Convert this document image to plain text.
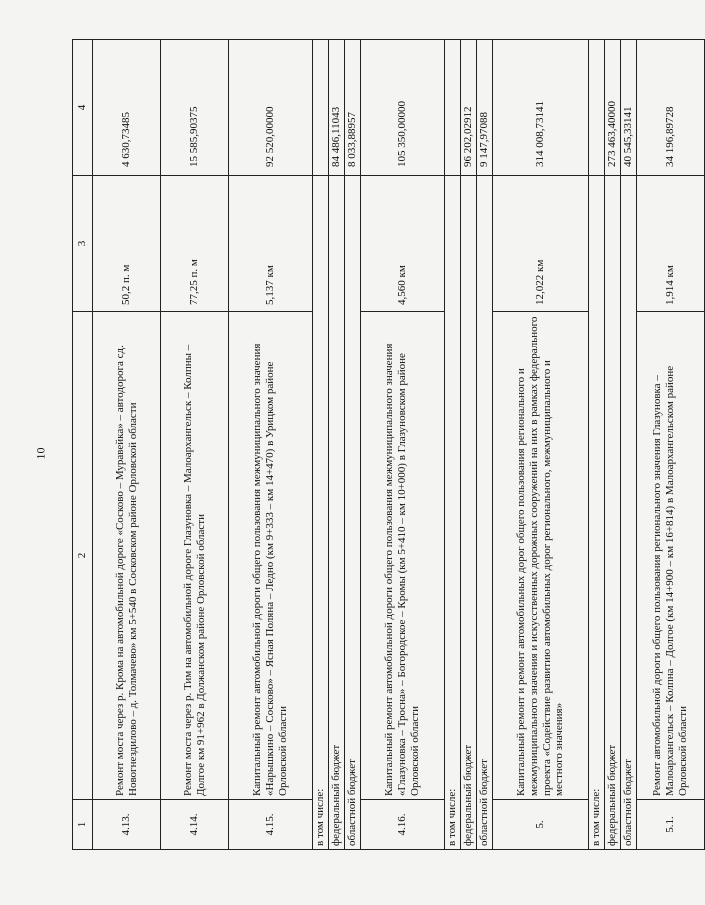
10
1	2	3	4
4.13.	Ремонт моста через р. Крома на автомобильной дороге «Сосково – Муравейка» – автодорога сд. Новогнездилово – д. Толмачево» км 5+540 в Сосковском районе Орловской области	50,2 п. м	4 630,73485
4.14.	Ремонт моста через р. Тим на автомобильной дороге Глазуновка – Малоархангельск – Колпны – Долгое км 91+962 в Должанском районе Орловской области	77,25 п. м	15 585,90375
4.15.	Капитальный ремонт автомобильной дороги общего пользования межмуниципального значения «Нарышкино – Сосково» – Ясная Поляна – Ледно (км 9+333 – км 14+470) в Урицком районе Орловской области	5,137 км	92 520,00000
в том числе:			
федеральный бюджет			84 486,11043
областной бюджет			8 033,88957
4.16.	Капитальный ремонт автомобильной дороги общего пользования межмуниципального значения «Глазуновка – Тросна» – Богородское – Кромы (км 5+410 – км 10+000) в Глазуновском районе Орловской области	4,560 км	105 350,00000
в том числе:			
федеральный бюджет			96 202,02912
областной бюджет			9 147,97088
5.	Капитальный ремонт и ремонт автомобильных дорог общего пользования регионального и межмуниципального значения и искусственных дорожных сооружений на них в рамках федерального проекта «Содействие развитию автомобильных дорог регионального, межмуниципального и местного значения»	12,022 км	314 008,73141
в том числе:			
федеральный бюджет			273 463,40000
областной бюджет			40 545,33141
5.1.	Ремонт автомобильной дороги общего пользования регионального значения Глазуновка – Малоархангельск – Колпна – Долгое (км 14+900 – км 16+814) в Малоархангельском районе Орловской области	1,914 км	34 196,89728
